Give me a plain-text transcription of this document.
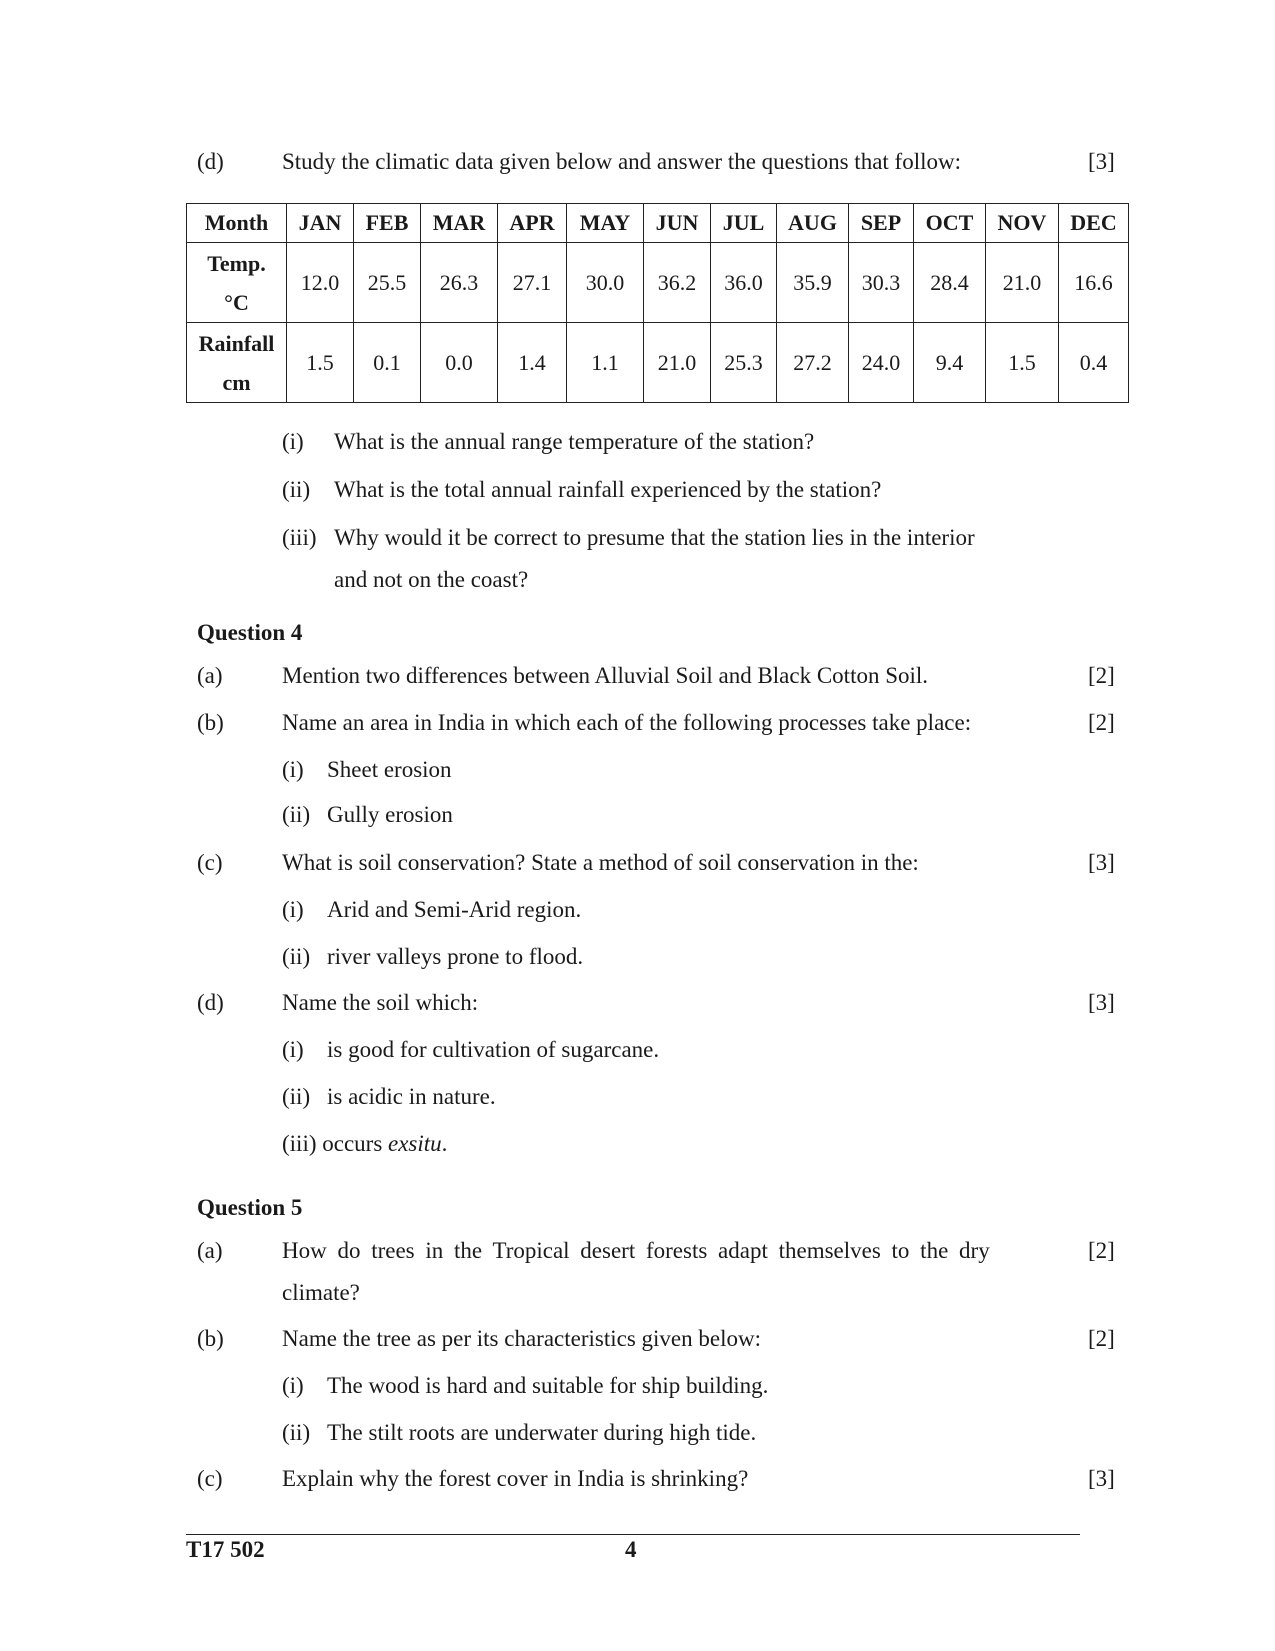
(d)	Study the climatic data given below and answer the questions that follow:	[3]
Month	JAN	FEB	MAR	APR	MAY	JUN	JUL	AUG	SEP	OCT	NOV	DEC
Temp.
°C	12.0	25.5	26.3	27.1	30.0	36.2	36.0	35.9	30.3	28.4	21.0	16.6
Rainfall
cm	1.5	0.1	0.0	1.4	1.1	21.0	25.3	27.2	24.0	9.4	1.5	0.4
(i) What is the annual range temperature of the station?
(ii) What is the total annual rainfall experienced by the station?
(iii) Why would it be correct to presume that the station lies in the interior
and not on the coast?
Question 4
(a)	Mention two differences between Alluvial Soil and Black Cotton Soil.	[2]
(b)	Name an area in India in which each of the following processes take place:	[2]
(i) Sheet erosion
(ii) Gully erosion
(c)	What is soil conservation? State a method of soil conservation in the:	[3]
(i) Arid and Semi-Arid region.
(ii) river valleys prone to flood.
(d)	Name the soil which:	[3]
(i) is good for cultivation of sugarcane.
(ii) is acidic in nature.
(iii) occurs exsitu.
Question 5
(a)	How do trees in the Tropical desert forests adapt themselves to the dry	[2]
climate?
(b)	Name the tree as per its characteristics given below:	[2]
(i) The wood is hard and suitable for ship building.
(ii) The stilt roots are underwater during high tide.
(c)	Explain why the forest cover in India is shrinking?	[3]
T17 502	4
